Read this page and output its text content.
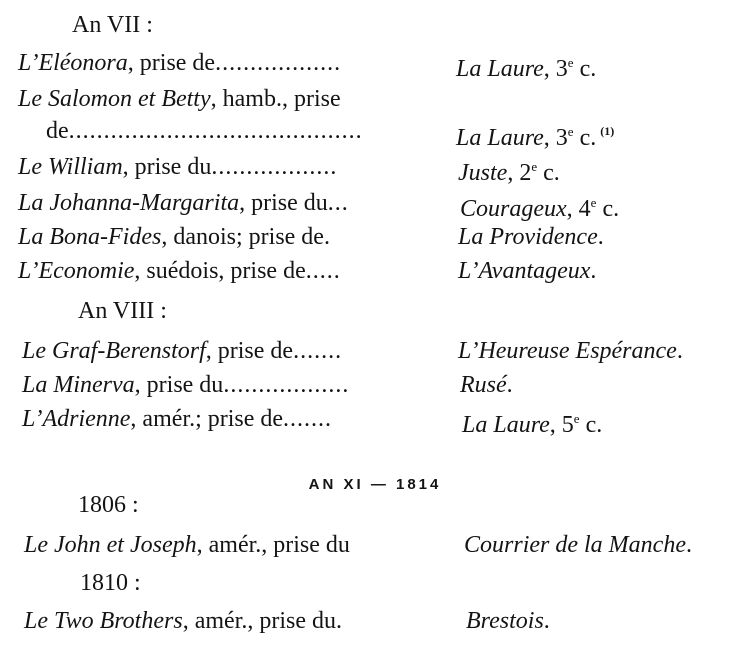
An VII :
An VIII :
1806 :
1810 :
AN XI — 1814
L’Eléonora, prise de..................	La Laure, 3e c.
Le Salomon et Betty, hamb., prise
de..........................................	La Laure, 3e c. $^{(1)}$
Le William, prise du..................	Juste, 2e c.
La Johanna-Margarita, prise du...	Courageux, 4e c.
La Bona-Fides, danois; prise de.	La Providence.
L’Economie, suédois, prise de.....	L’Avantageux.
Le Graf-Berenstorf, prise de.......	L’Heureuse Espérance.
La Minerva, prise du..................	Rusé.
L’Adrienne, amér.; prise de.......	La Laure, 5e c.
Le John et Joseph, amér., prise du	Courrier de la Manche.
Le Two Brothers, amér., prise du.	Brestois.
